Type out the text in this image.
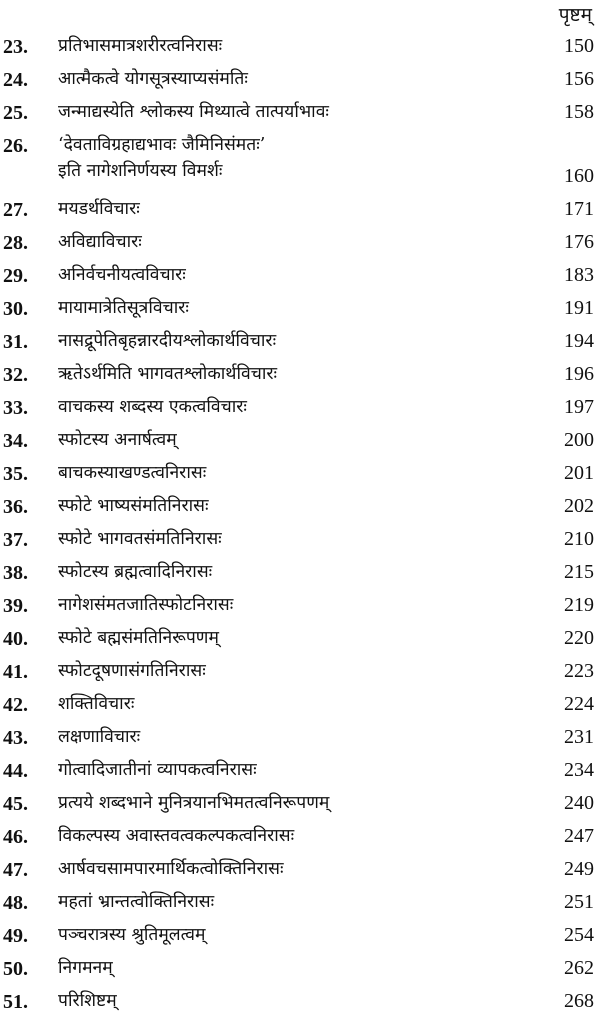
पृष्टम्
23.	प्रतिभासमात्रशरीरत्वनिरासः	150
24.	आत्मैकत्वे योगसूत्रस्याप्यसंमतिः	156
25.	जन्माद्यस्येति श्लोकस्य मिथ्यात्वे तात्पर्याभावः	158
26.	‘देवताविग्रहाद्यभावः जैमिनिसंमतः’
इति नागेशनिर्णयस्य विमर्शः	160
27.	मयडर्थविचारः	171
28.	अविद्याविचारः	176
29.	अनिर्वचनीयत्वविचारः	183
30.	मायामात्रेतिसूत्रविचारः	191
31.	नासद्रूपेतिबृहन्नारदीयश्लोकार्थविचारः	194
32.	ऋतेऽर्थमिति भागवतश्लोकार्थविचारः	196
33.	वाचकस्य शब्दस्य एकत्वविचारः	197
34.	स्फोटस्य अनार्षत्वम्	200
35.	बाचकस्याखण्डत्वनिरासः	201
36.	स्फोटे भाष्यसंमतिनिरासः	202
37.	स्फोटे भागवतसंमतिनिरासः	210
38.	स्फोटस्य ब्रह्मत्वादिनिरासः	215
39.	नागेशसंमतजातिस्फोटनिरासः	219
40.	स्फोटे बह्मसंमतिनिरूपणम्	220
41.	स्फोटदूषणासंगतिनिरासः	223
42.	शक्तिविचारः	224
43.	लक्षणाविचारः	231
44.	गोत्वादिजातीनां व्यापकत्वनिरासः	234
45.	प्रत्यये शब्दभाने मुनित्रयानभिमतत्वनिरूपणम्	240
46.	विकल्पस्य अवास्तवत्वकल्पकत्वनिरासः	247
47.	आर्षवचसामपारमार्थिकत्वोक्तिनिरासः	249
48.	महतां भ्रान्तत्वोक्तिनिरासः	251
49.	पञ्चरात्रस्य श्रुतिमूलत्वम्	254
50.	निगमनम्	262
51.	परिशिष्टम्	268
